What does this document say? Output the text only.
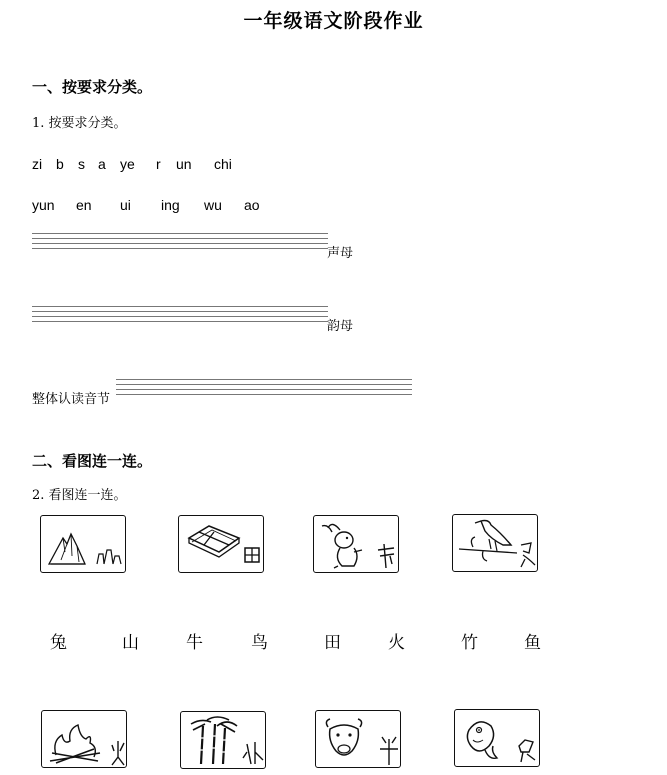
一年级语文阶段作业
一、按要求分类。
1. 按要求分类。
zi b s a ye r un chi
yun en ui ing wu ao
声母
韵母
整体认读音节
二、看图连一连。
2. 看图连一连。
兔	山	牛	鸟	田	火	竹	鱼
